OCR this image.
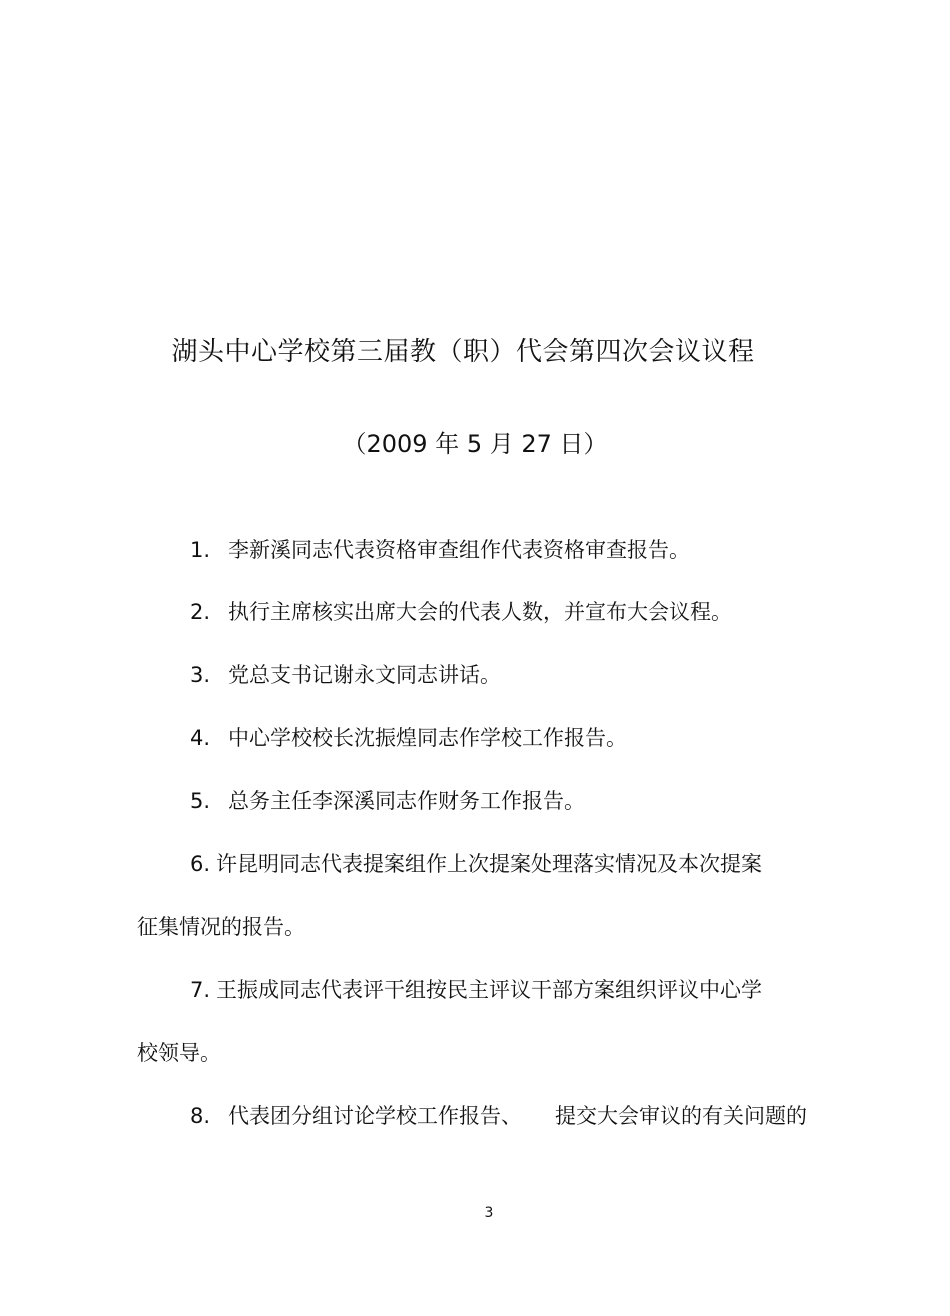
湖头中心学校第三届教（职）代会第四次会议议程
（2009 年 5 月 27 日）
1. 李新溪同志代表资格审查组作代表资格审查报告。
2. 执行主席核实出席大会的代表人数，并宣布大会议程。
3. 党总支书记谢永文同志讲话。
4. 中心学校校长沈振煌同志作学校工作报告。
5. 总务主任李深溪同志作财务工作报告。
6. 许昆明同志代表提案组作上次提案处理落实情况及本次提案
征集情况的报告。
7. 王振成同志代表评干组按民主评议干部方案组织评议中心学
校领导。
8. 代表团分组讨论学校工作报告、 提交大会审议的有关问题的
3
